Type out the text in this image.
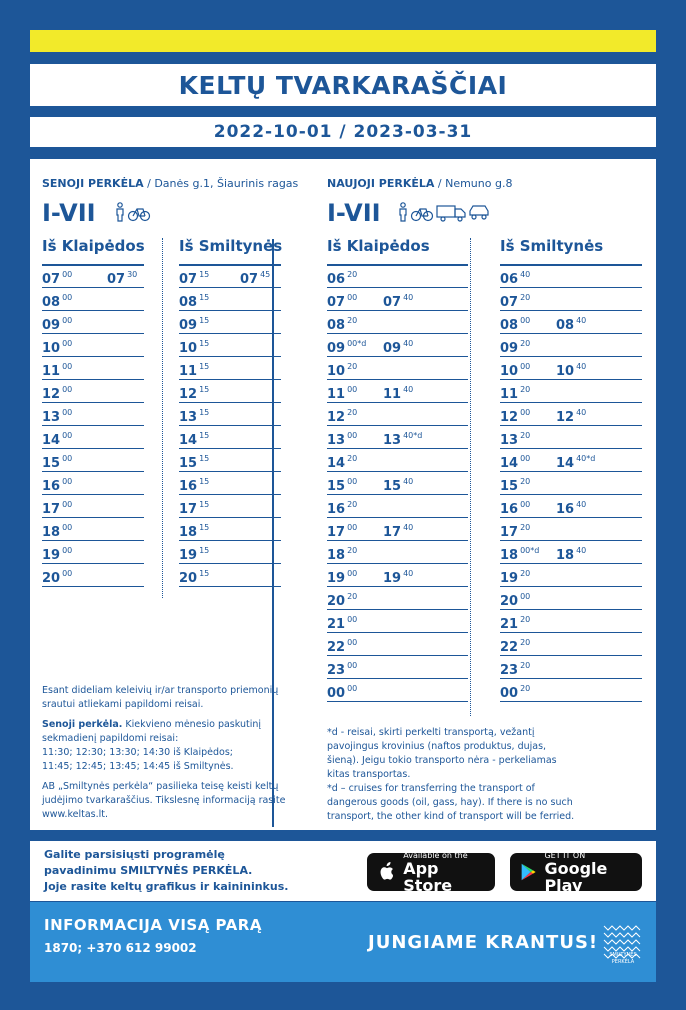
KELTŲ TVARKARAŠČIAI
2022-10-01 / 2023-03-31
SENOJI PERKĖLA / Danės g.1, Šiaurinis ragas
I-VII
NAUJOJI PERKĖLA / Nemuno g.8
I-VII
Iš Klaipėdos Iš Smiltynės	Iš Klaipėdos	Iš Smiltynės
07 $^{00}$	07 $^{30}$
08 $^{00}$
09 $^{00}$
10 $^{00}$
11 $^{00}$
12 $^{00}$
13 $^{00}$
14 $^{00}$
15 $^{00}$
16 $^{00}$
17 $^{00}$
18 $^{00}$
19 $^{00}$
20 $^{00}$
07 $^{15}$ 07 $^{45}$
08 $^{15}$
09 $^{15}$
10 $^{15}$
11 $^{15}$
12 $^{15}$
13 $^{15}$
14 $^{15}$
15 $^{15}$
16 $^{15}$
17 $^{15}$
18 $^{15}$
19 $^{15}$
20 $^{15}$
06 $^{20}$
07 $^{00}$ 07 $^{40}$
08 $^{20}$
09 $^{00*d}$ 09 $^{40}$
10 $^{20}$
11 $^{00}$ 11 $^{40}$
12 $^{20}$
13 $^{00}$ 13 $^{40*d}$
14 $^{20}$
15 $^{00}$ 15 $^{40}$
16 $^{20}$
17 $^{00}$ 17 $^{40}$
18 $^{20}$
19 $^{00}$ 19 $^{40}$
20 $^{20}$
21 $^{00}$
22 $^{00}$
23 $^{00}$
00 $^{00}$
06 $^{40}$
07 $^{20}$
08 $^{00}$ 08 $^{40}$
09 $^{20}$
10 $^{00}$ 10 $^{40}$
11 $^{20}$
12 $^{00}$ 12 $^{40}$
13 $^{20}$
14 $^{00}$ 14 $^{40*d}$
15 $^{20}$
16 $^{00}$ 16 $^{40}$
17 $^{20}$
18 $^{00*d}$ 18 $^{40}$
19 $^{20}$
20 $^{00}$
21 $^{20}$
22 $^{20}$
23 $^{20}$
00 $^{20}$

Esant dideliam keleivių ir/ar transporto priemonių srautui atliekami papildomi reisai.

Senoji perkėla. Kiekvieno mėnesio paskutinį sekmadienį papildomi reisai:
11:30; 12:30; 13:30; 14:30 iš Klaipėdos;
11:45; 12:45; 13:45; 14:45 iš Smiltynės.

AB „Smiltynės perkėla“ pasilieka teisę keisti keltų judėjimo tvarkaraščius. Tikslesnę informaciją rasite www.keltas.lt.

*d - reisai, skirti perkelti transportą, vežantį pavojingus krovinius (naftos produktus, dujas, šieną). Jeigu tokio transporto nėra - perkeliamas kitas transportas.
*d – cruises for transferring the transport of dangerous goods (oil, gass, hay). If there is no such transport, the other kind of transport will be ferried.
Galite parsisiųsti programėlę
pavadinimu SMILTYNĖS PERKĖLA.
Joje rasite keltų grafikus ir kainininkus.
Available on the
App Store
GET IT ON
Google Play
INFORMACIJA VISĄ PARĄ
1870; +370 612 99002	JUNGIAME KRANTUS!
SMILTYNĖS
PERKĖLA
